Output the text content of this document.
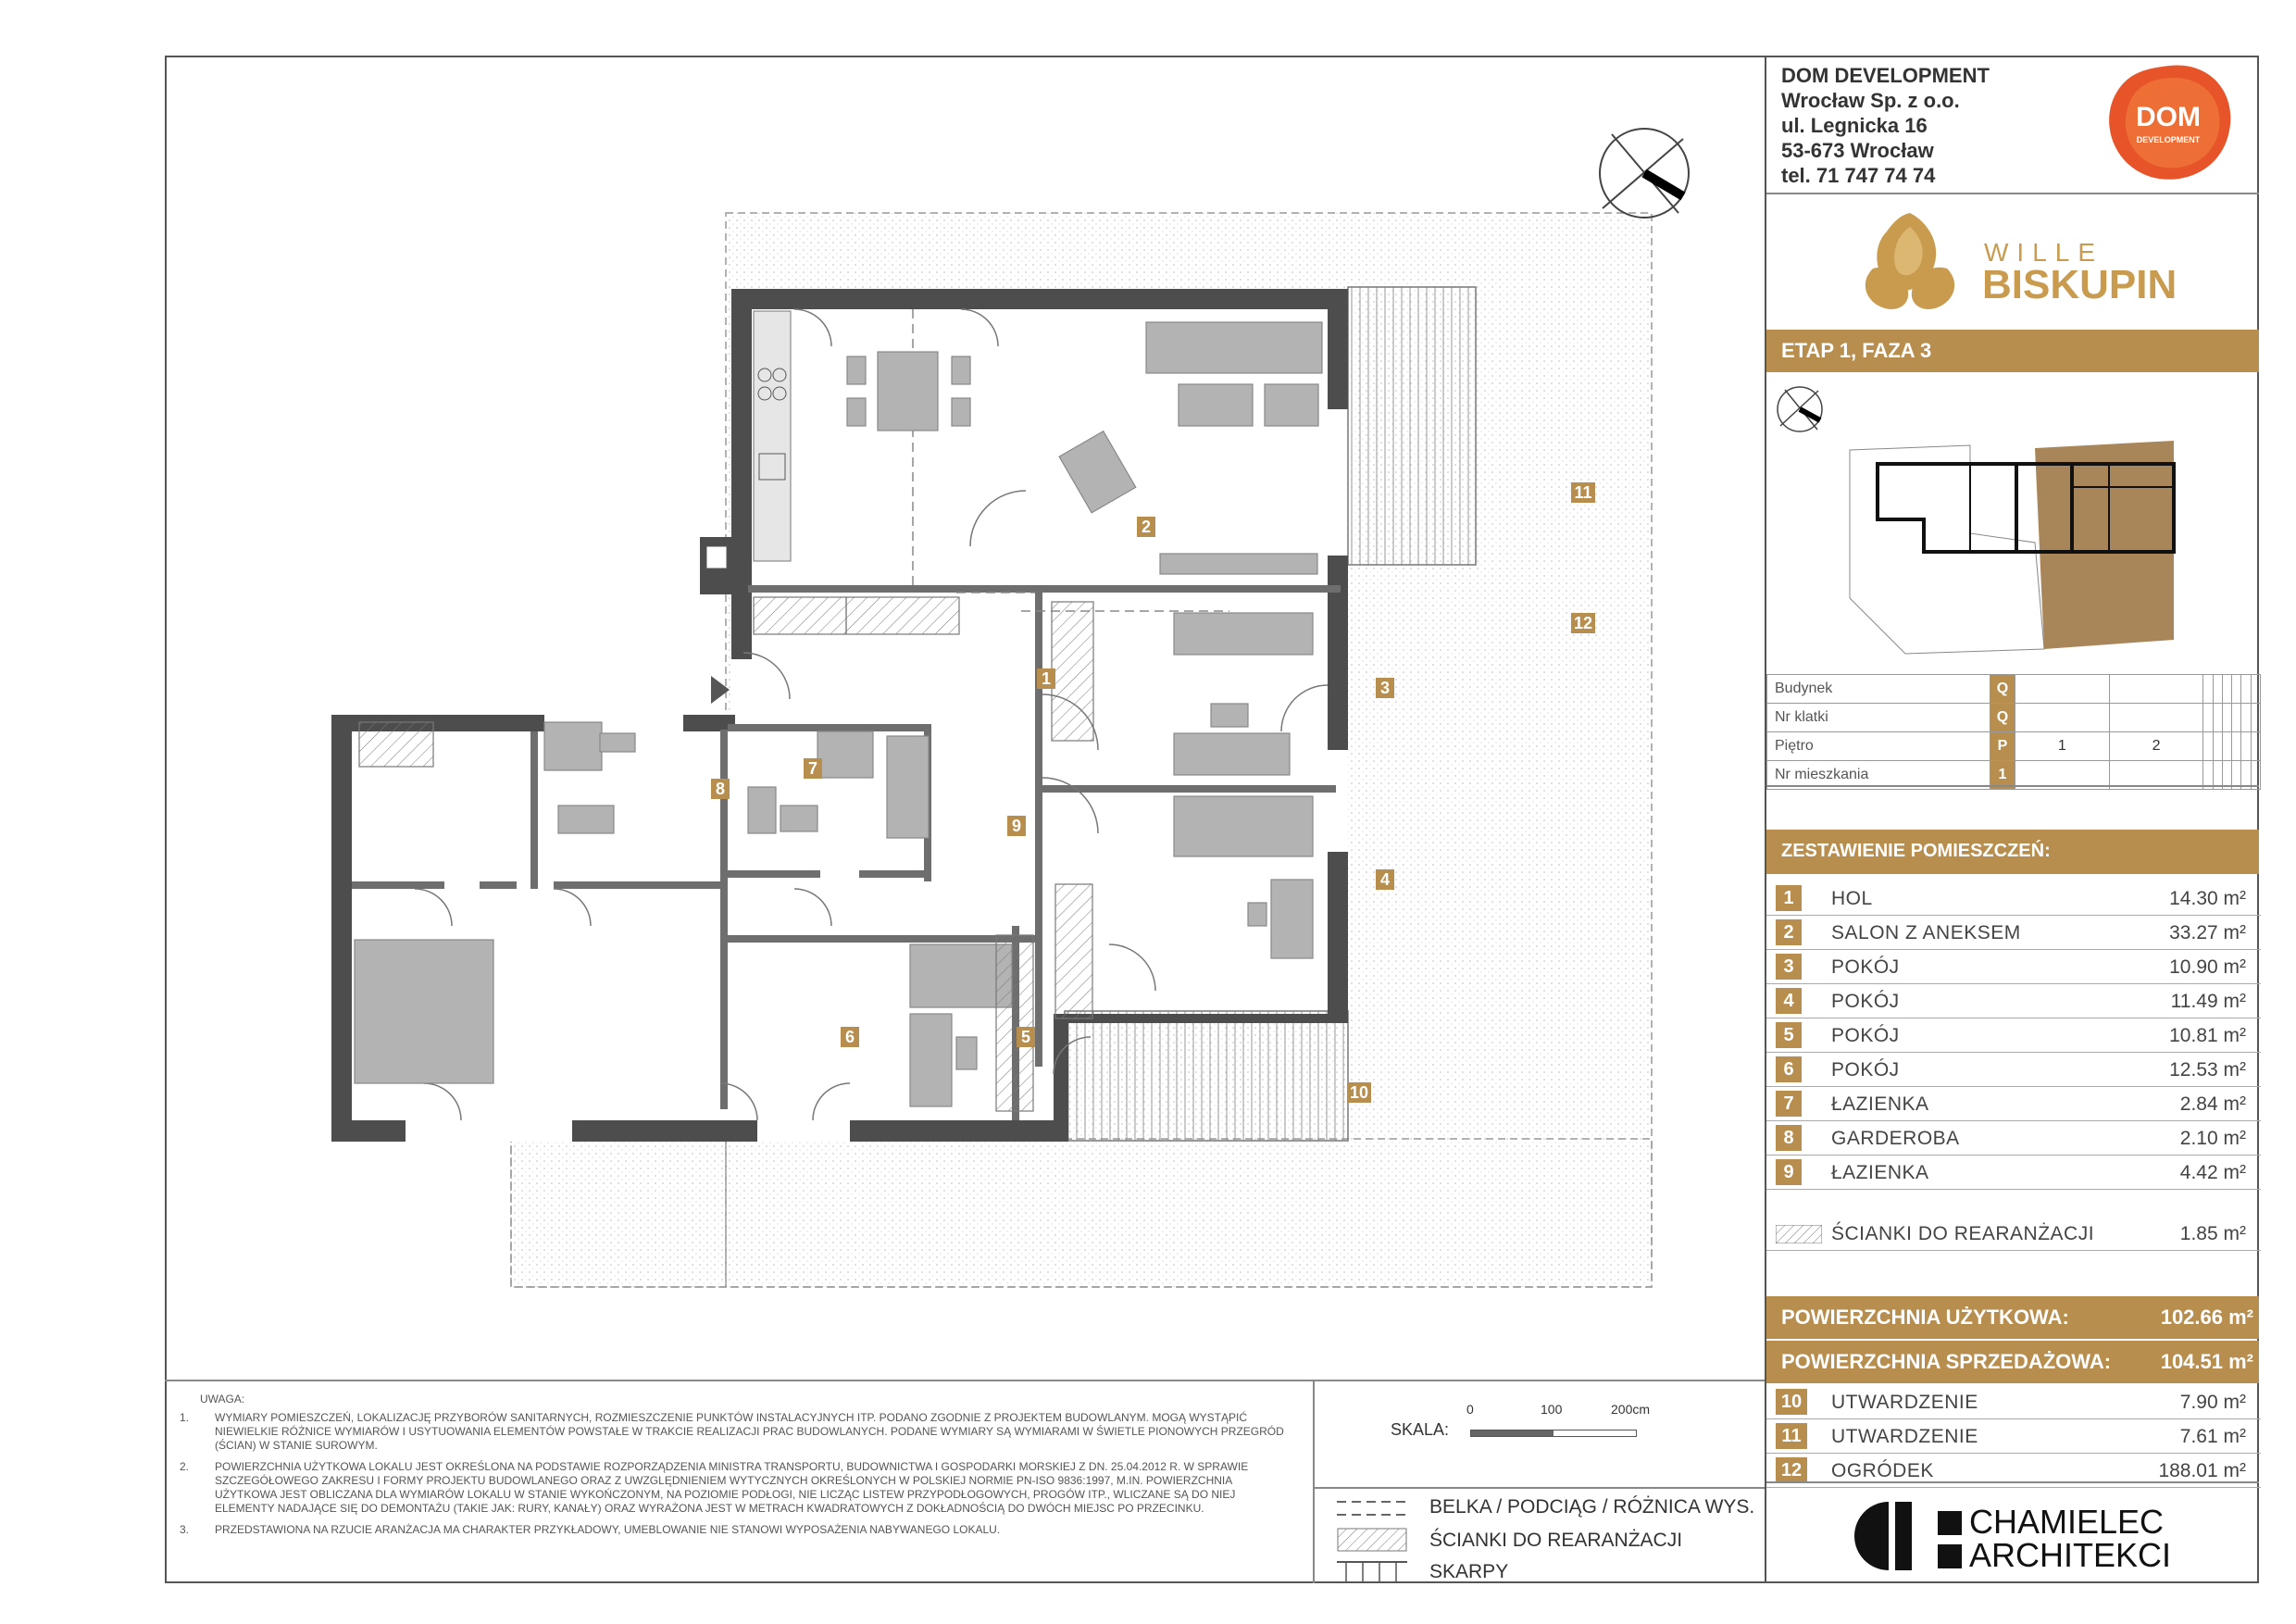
1
2
3
4
5
6
7
8
9
10
11
12
DOM DEVELOPMENT
Wrocław Sp. z o.o.
ul. Legnicka 16
53-673 Wrocław
tel. 71 747 74 74
DOM
DEVELOPMENT
WILLE
BISKUPIN
ETAP 1, FAZA 3
Budynek	Q								
Nr klatki	Q								
Piętro	P	1	2						
Nr mieszkania	1								
ZESTAWIENIE POMIESZCZEŃ:
1	HOL	14.30 m²
2	SALON Z ANEKSEM	33.27 m²
3	POKÓJ	10.90 m²
4	POKÓJ	11.49 m²
5	POKÓJ	10.81 m²
6	POKÓJ	12.53 m²
7	ŁAZIENKA	2.84 m²
8	GARDEROBA	2.10 m²
9	ŁAZIENKA	4.42 m²
ŚCIANKI DO REARANŻACJI	1.85 m²
POWIERZCHNIA UŻYTKOWA:	102.66 m²
POWIERZCHNIA SPRZEDAŻOWA: 104.51 m²
10 UTWARDZENIE	7.90 m²
11	UTWARDZENIE	7.61 m²
12 OGRÓDEK	188.01 m²
CHAMIELEC
ARCHITEKCI
UWAGA:
1. WYMIARY POMIESZCZEŃ, LOKALIZACJĘ PRZYBORÓW SANITARNYCH, ROZMIESZCZENIE PUNKTÓW INSTALACYJNYCH ITP. PODANO ZGODNIE Z PROJEKTEM BUDOWLANYM. MOGĄ WYSTĄPIĆ NIEWIELKIE RÓŻNICE WYMIARÓW I USYTUOWANIA ELEMENTÓW POWSTAŁE W TRAKCIE REALIZACJI PRAC BUDOWLANYCH. PODANE WYMIARY SĄ WYMIARAMI W ŚWIETLE PIONOWYCH PRZEGRÓD (ŚCIAN) W STANIE SUROWYM.

2. POWIERZCHNIA UŻYTKOWA LOKALU JEST OKREŚLONA NA PODSTAWIE ROZPORZĄDZENIA MINISTRA TRANSPORTU, BUDOWNICTWA I GOSPODARKI MORSKIEJ Z DN. 25.04.2012 R. W SPRAWIE SZCZEGÓŁOWEGO ZAKRESU I FORMY PROJEKTU BUDOWLANEGO ORAZ Z UWZGLĘDNIENIEM WYTYCZNYCH OKREŚLONYCH W POLSKIEJ NORMIE PN-ISO 9836:1997, M.IN. POWIERZCHNIA UŻYTKOWA JEST OBLICZANA DLA WYMIARÓW LOKALU W STANIE WYKOŃCZONYM, NA POZIOMIE PODŁOGI, NIE LICZĄC LISTEW PRZYPODŁOGOWYCH, PROGÓW ITP., WLICZANE SĄ DO NIEJ ELEMENTY NADAJĄCE SIĘ DO DEMONTAŻU (TAKIE JAK: RURY, KANAŁY) ORAZ WYRAŻONA JEST W METRACH KWADRATOWYCH Z DOKŁADNOŚCIĄ DO DWÓCH MIEJSC PO PRZECINKU.

3. PRZEDSTAWIONA NA RZUCIE ARANŻACJA MA CHARAKTER PRZYKŁADOWY, UMEBLOWANIE NIE STANOWI WYPOSAŻENIA NABYWANEGO LOKALU.

SKALA:
0	100	200cm
BELKA / PODCIĄG / RÓŻNICA WYS.
ŚCIANKI DO REARANŻACJI
SKARPY
